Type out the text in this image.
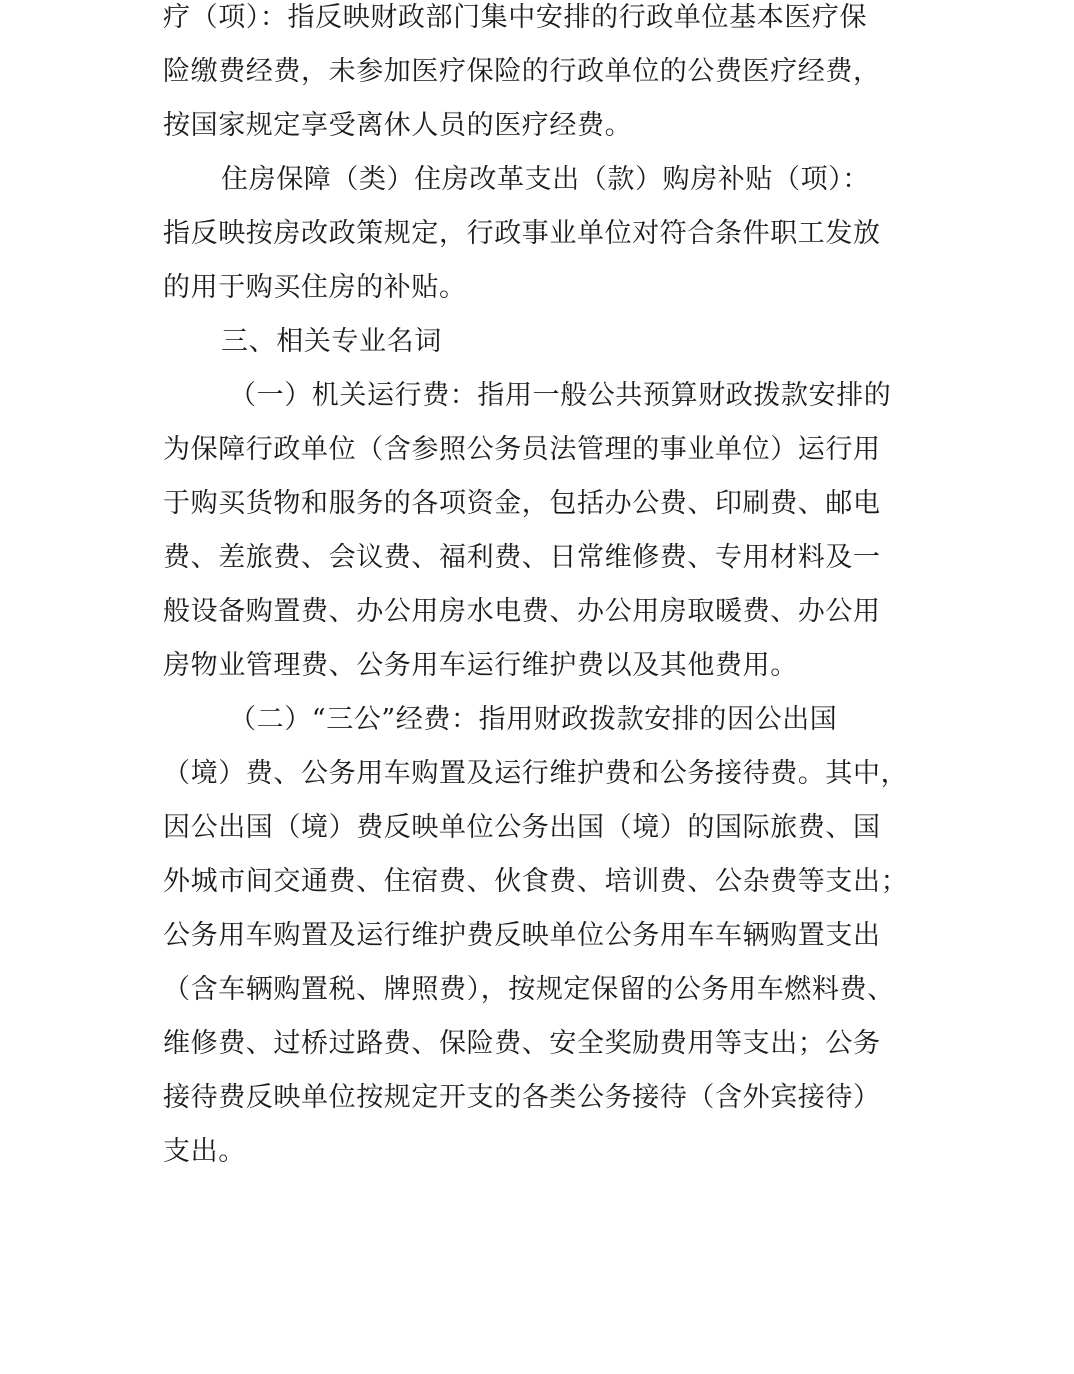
疗（项）：指反映财政部门集中安排的行政单位基本医疗保
险缴费经费，未参加医疗保险的行政单位的公费医疗经费，
按国家规定享受离休人员的医疗经费。
住房保障（类）住房改革支出（款）购房补贴（项）：
指反映按房改政策规定，行政事业单位对符合条件职工发放
的用于购买住房的补贴。
三、相关专业名词
（一）机关运行费：指用一般公共预算财政拨款安排的
为保障行政单位（含参照公务员法管理的事业单位）运行用
于购买货物和服务的各项资金，包括办公费、印刷费、邮电
费、差旅费、会议费、福利费、日常维修费、专用材料及一
般设备购置费、办公用房水电费、办公用房取暖费、办公用
房物业管理费、公务用车运行维护费以及其他费用。
（二）“三公”经费：指用财政拨款安排的因公出国
（境）费、公务用车购置及运行维护费和公务接待费。其中，
因公出国（境）费反映单位公务出国（境）的国际旅费、国
外城市间交通费、住宿费、伙食费、培训费、公杂费等支出；
公务用车购置及运行维护费反映单位公务用车车辆购置支出
（含车辆购置税、牌照费），按规定保留的公务用车燃料费、
维修费、过桥过路费、保险费、安全奖励费用等支出；公务
接待费反映单位按规定开支的各类公务接待（含外宾接待）
支出。
